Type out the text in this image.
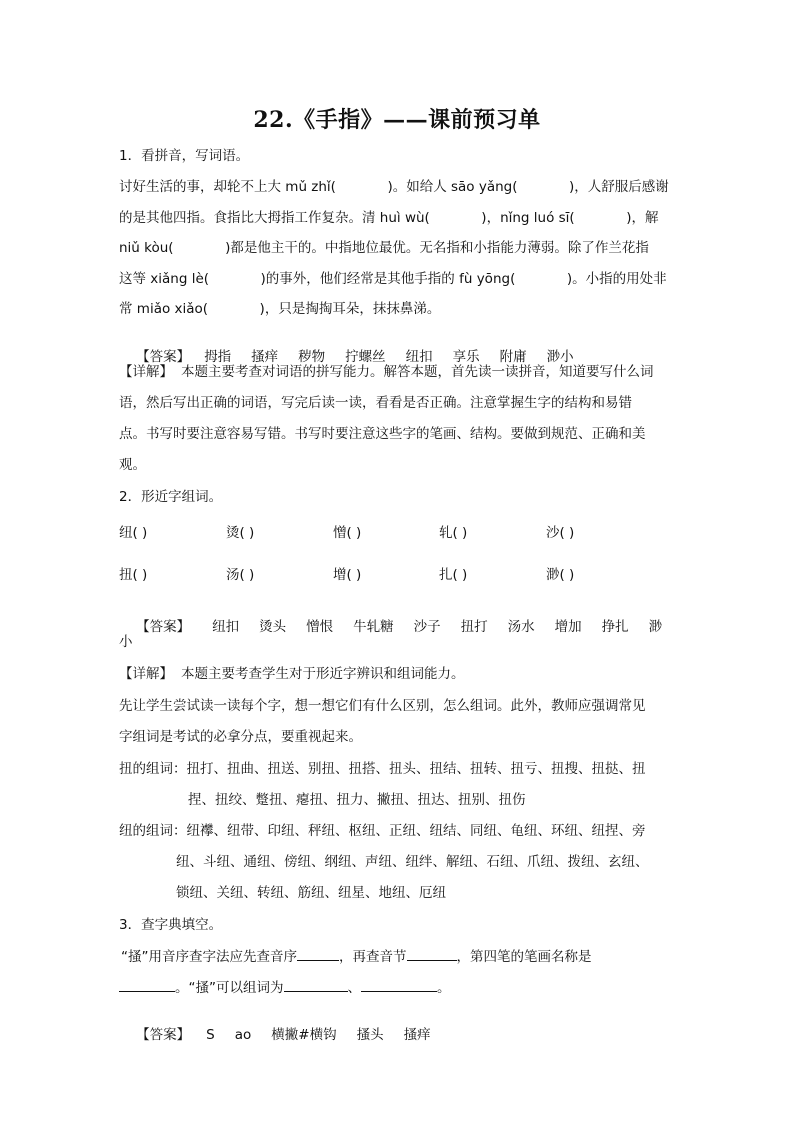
22.《手指》——课前预习单
1．看拼音，写词语。
讨好生活的事，却轮不上大 mǔ zhǐ(            )。如给人 sāo yǎng(            )，人舒服后感谢
的是其他四指。食指比大拇指工作复杂。清 huì wù(            )，nǐng luó sī(            )，解
niǔ kòu(            )都是他主干的。中指地位最优。无名指和小指能力薄弱。除了作兰花指
这等 xiǎng lè(            )的事外，他们经常是其他手指的 fù yōng(            )。小指的用处非
常 miǎo xiǎo(            )，只是掏掏耳朵，抹抹鼻涕。

【答案】 拇指 搔痒 秽物 拧螺丝 纽扣 享乐 附庸 渺小

【详解】 本题主要考查对词语的拼写能力。解答本题，首先读一读拼音，知道要写什么词
语，然后写出正确的词语，写完后读一读，看看是否正确。注意掌握生字的结构和易错
点。书写时要注意容易写错。书写时要注意这些字的笔画、结构。要做到规范、正确和美
观。
2．形近字组词。
纽( )	烫( )	憎( )	轧( )	沙( )
扭( )	汤( )	增( )	扎( )	渺( )

【答案】 纽扣 烫头 憎恨 牛轧糖 沙子 扭打 汤水 增加 挣扎 渺

小
【详解】 本题主要考查学生对于形近字辨识和组词能力。
先让学生尝试读一读每个字，想一想它们有什么区别，怎么组词。此外，教师应强调常见
字组词是考试的必拿分点，要重视起来。
扭的组词：扭打、扭曲、扭送、别扭、扭搭、扭头、扭结、扭转、扭亏、扭搜、扭挞、扭
捏、扭绞、蹩扭、瘪扭、扭力、撇扭、扭达、扭别、扭伤
纽的组词：纽襻、纽带、印纽、秤纽、枢纽、正纽、纽结、同纽、龟纽、环纽、纽捏、旁
纽、斗纽、通纽、傍纽、纲纽、声纽、纽绊、解纽、石纽、爪纽、拨纽、玄纽、
锁纽、关纽、转纽、筋纽、纽星、地纽、厄纽
3．查字典填空。
“搔”用音序查字法应先查音序	，再查音节	，第四笔的笔画名称是
。“搔”可以组词为	、	。

【答案】 S ao 横撇#横钩 搔头 搔痒
